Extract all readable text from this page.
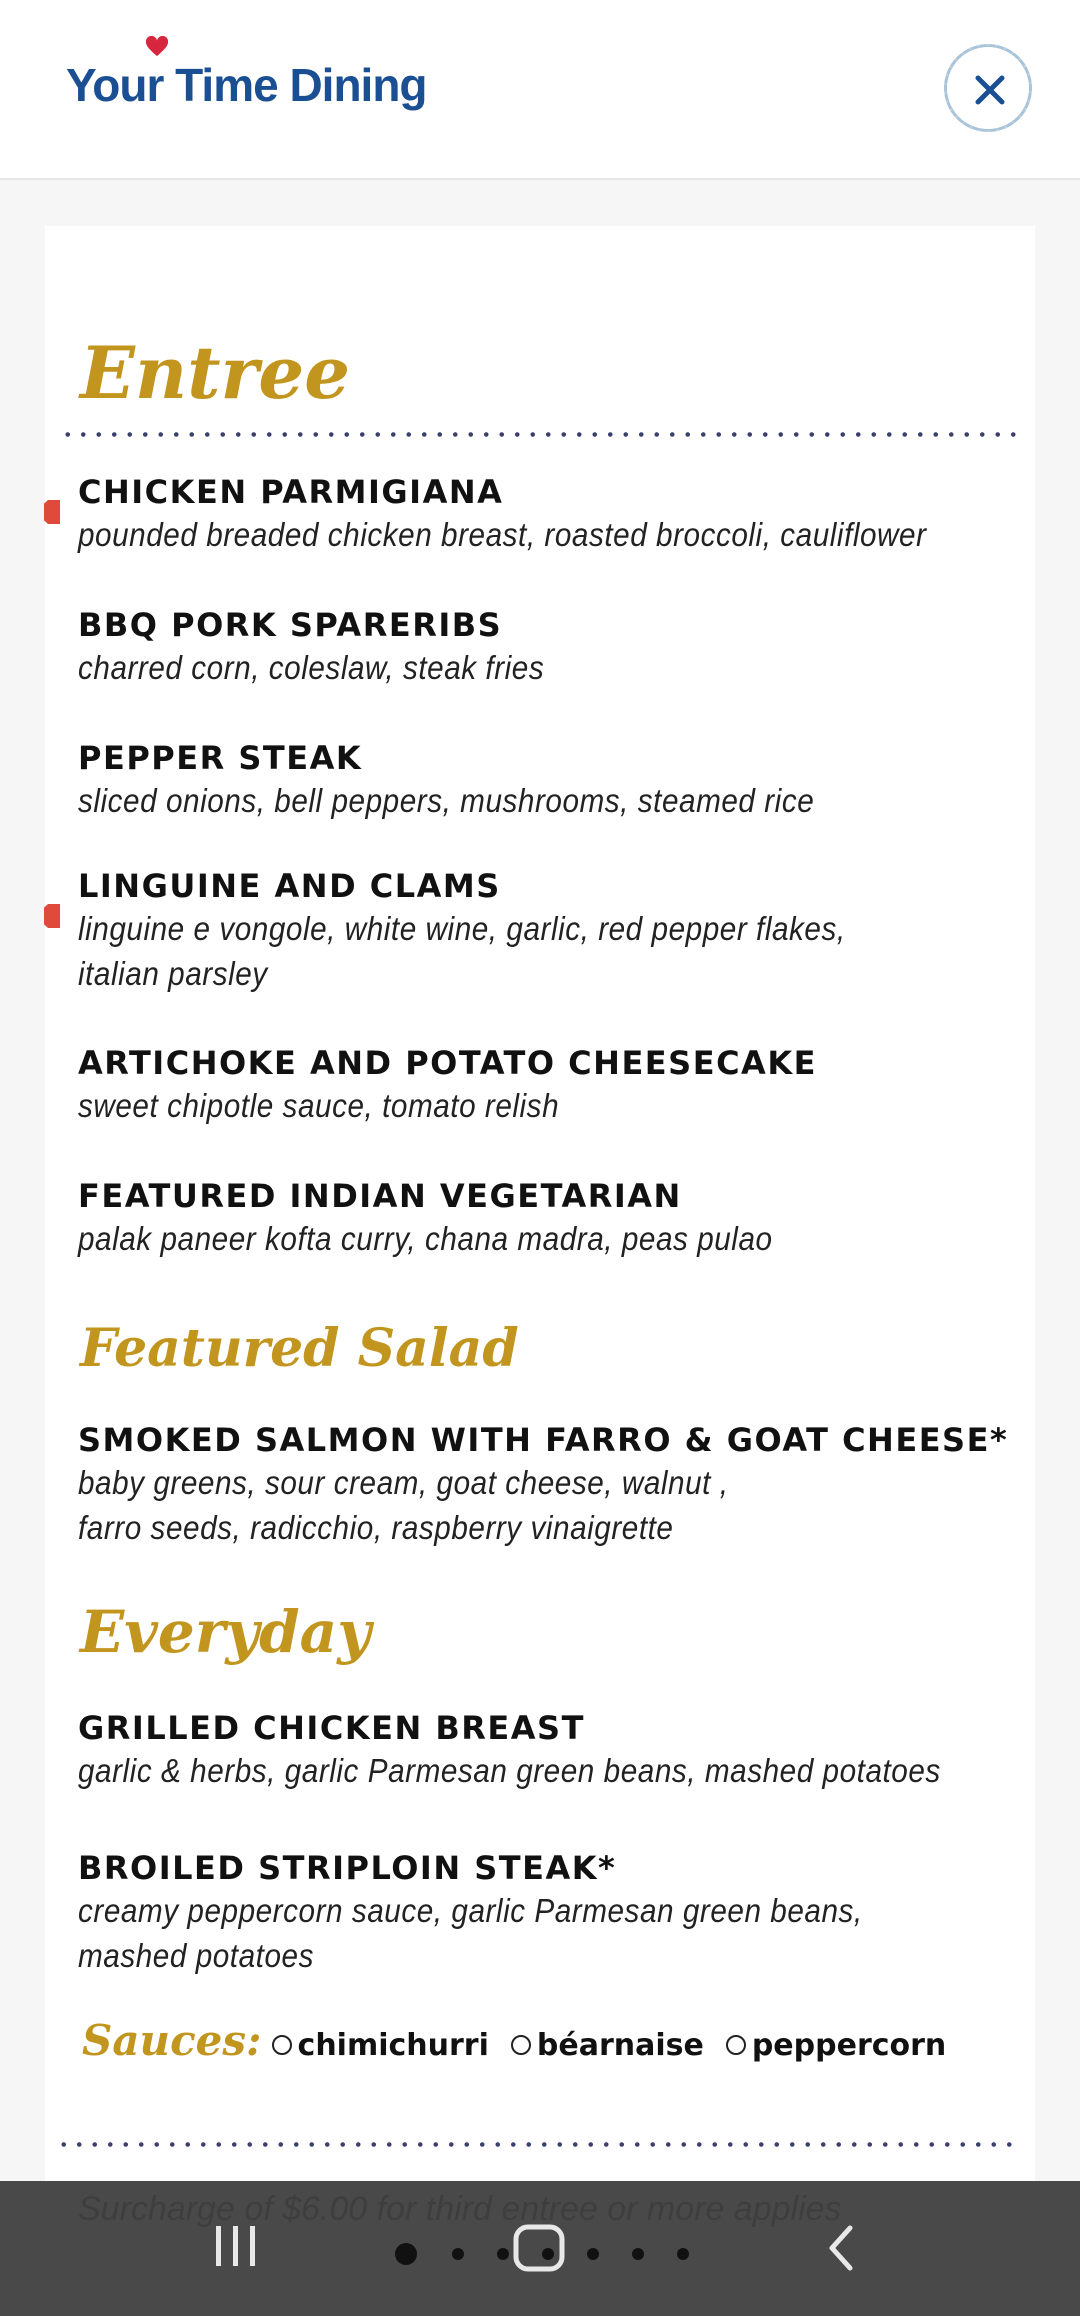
Your Time Dining
Entree
CHICKEN PARMIGIANA
pounded breaded chicken breast, roasted broccoli, cauliflower
BBQ PORK SPARERIBS
charred corn, coleslaw, steak fries
PEPPER STEAK
sliced onions, bell peppers, mushrooms, steamed rice
LINGUINE AND CLAMS
linguine e vongole, white wine, garlic, red pepper flakes,
italian parsley
ARTICHOKE AND POTATO CHEESECAKE
sweet chipotle sauce, tomato relish
FEATURED INDIAN VEGETARIAN
palak paneer kofta curry, chana madra, peas pulao
Featured Salad
SMOKED SALMON WITH FARRO & GOAT CHEESE*
baby greens, sour cream, goat cheese, walnut ,
farro seeds, radicchio, raspberry vinaigrette
Everyday
GRILLED CHICKEN BREAST
garlic & herbs, garlic Parmesan green beans, mashed potatoes
BROILED STRIPLOIN STEAK*
creamy peppercorn sauce, garlic Parmesan green beans,
mashed potatoes
Sauces: chimichurri béarnaise peppercorn
